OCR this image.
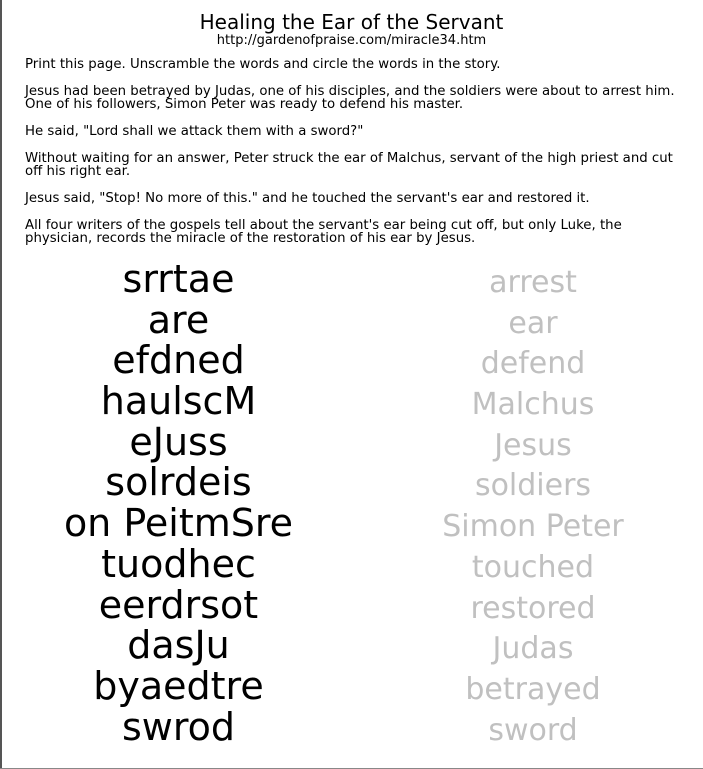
Healing the Ear of the Servant
http://gardenofpraise.com/miracle34.htm

Print this page. Unscramble the words and circle the words in the story.

Jesus had been betrayed by Judas, one of his disciples, and the soldiers were about to arrest him. One of his followers, Simon Peter was ready to defend his master.

He said, "Lord shall we attack them with a sword?"

Without waiting for an answer, Peter struck the ear of Malchus, servant of the high priest and cut off his right ear.

Jesus said, "Stop! No more of this." and he touched the servant's ear and restored it.

All four writers of the gospels tell about the servant's ear being cut off, but only Luke, the physician, records the miracle of the restoration of his ear by Jesus.

srrtae	arrest
are	ear
efdned	defend
haulscM	Malchus
eJuss	Jesus
solrdeis	soldiers
on PeitmSre	Simon Peter
tuodhec	touched
eerdrsot	restored
dasJu	Judas
byaedtre	betrayed
swrod	sword
